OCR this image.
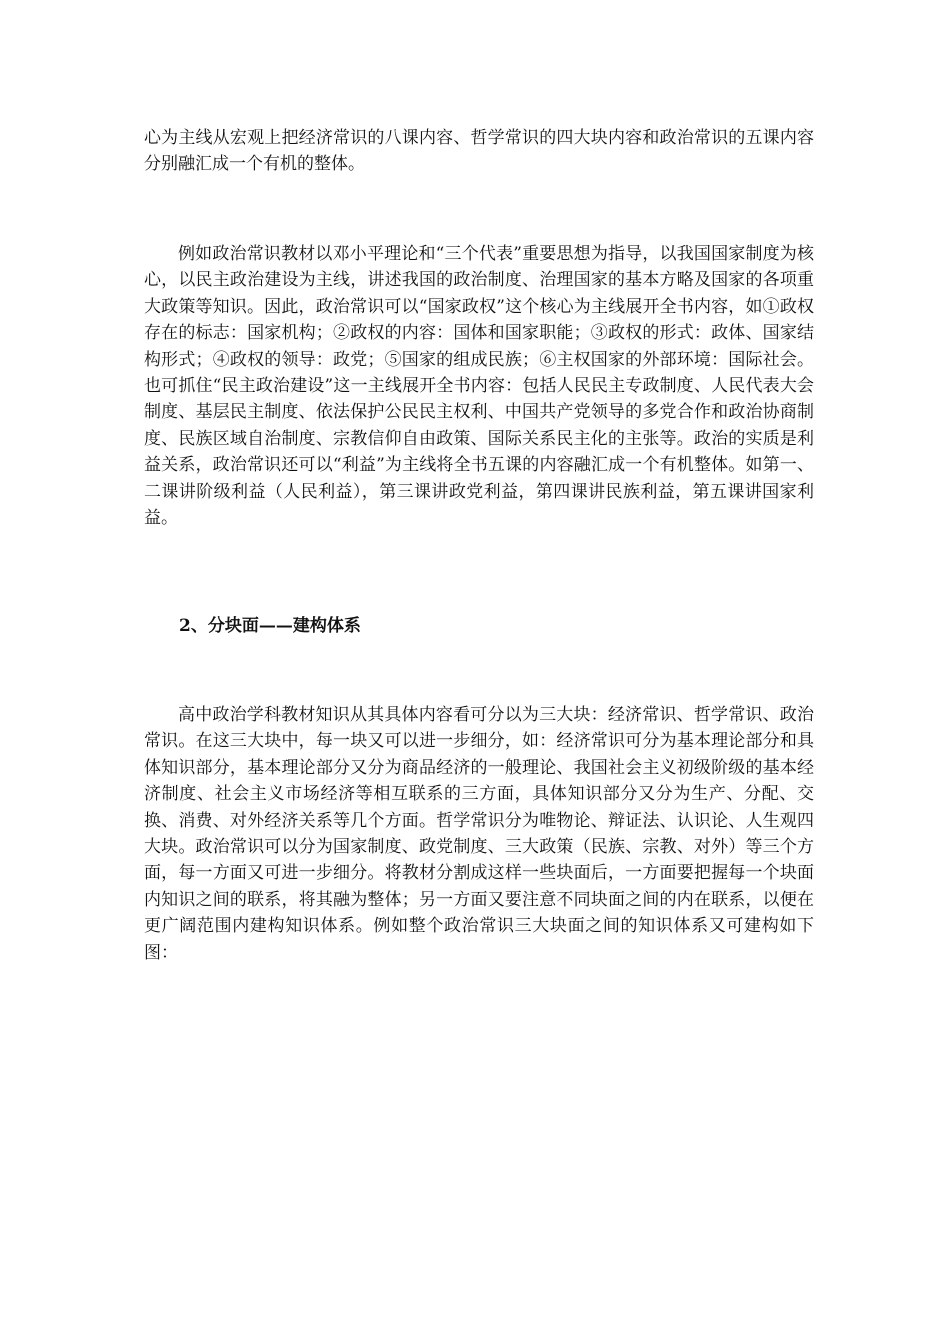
心为主线从宏观上把经济常识的八课内容、哲学常识的四大块内容和政治常识的五课内容分别融汇成一个有机的整体。

例如政治常识教材以邓小平理论和“三个代表”重要思想为指导，以我国国家制度为核心，以民主政治建设为主线，讲述我国的政治制度、治理国家的基本方略及国家的各项重大政策等知识。因此，政治常识可以“国家政权”这个核心为主线展开全书内容，如①政权存在的标志：国家机构；②政权的内容：国体和国家职能；③政权的形式：政体、国家结构形式；④政权的领导：政党；⑤国家的组成民族；⑥主权国家的外部环境：国际社会。也可抓住“民主政治建设”这一主线展开全书内容：包括人民民主专政制度、人民代表大会制度、基层民主制度、依法保护公民民主权利、中国共产党领导的多党合作和政治协商制度、民族区域自治制度、宗教信仰自由政策、国际关系民主化的主张等。政治的实质是利益关系，政治常识还可以“利益”为主线将全书五课的内容融汇成一个有机整体。如第一、二课讲阶级利益（人民利益），第三课讲政党利益，第四课讲民族利益，第五课讲国家利益。

2、分块面——建构体系

高中政治学科教材知识从其具体内容看可分以为三大块：经济常识、哲学常识、政治常识。在这三大块中，每一块又可以进一步细分，如：经济常识可分为基本理论部分和具体知识部分，基本理论部分又分为商品经济的一般理论、我国社会主义初级阶级的基本经济制度、社会主义市场经济等相互联系的三方面，具体知识部分又分为生产、分配、交换、消费、对外经济关系等几个方面。哲学常识分为唯物论、辩证法、认识论、人生观四大块。政治常识可以分为国家制度、政党制度、三大政策（民族、宗教、对外）等三个方面，每一方面又可进一步细分。将教材分割成这样一些块面后，一方面要把握每一个块面内知识之间的联系，将其融为整体；另一方面又要注意不同块面之间的内在联系，以便在更广阔范围内建构知识体系。例如整个政治常识三大块面之间的知识体系又可建构如下图：
